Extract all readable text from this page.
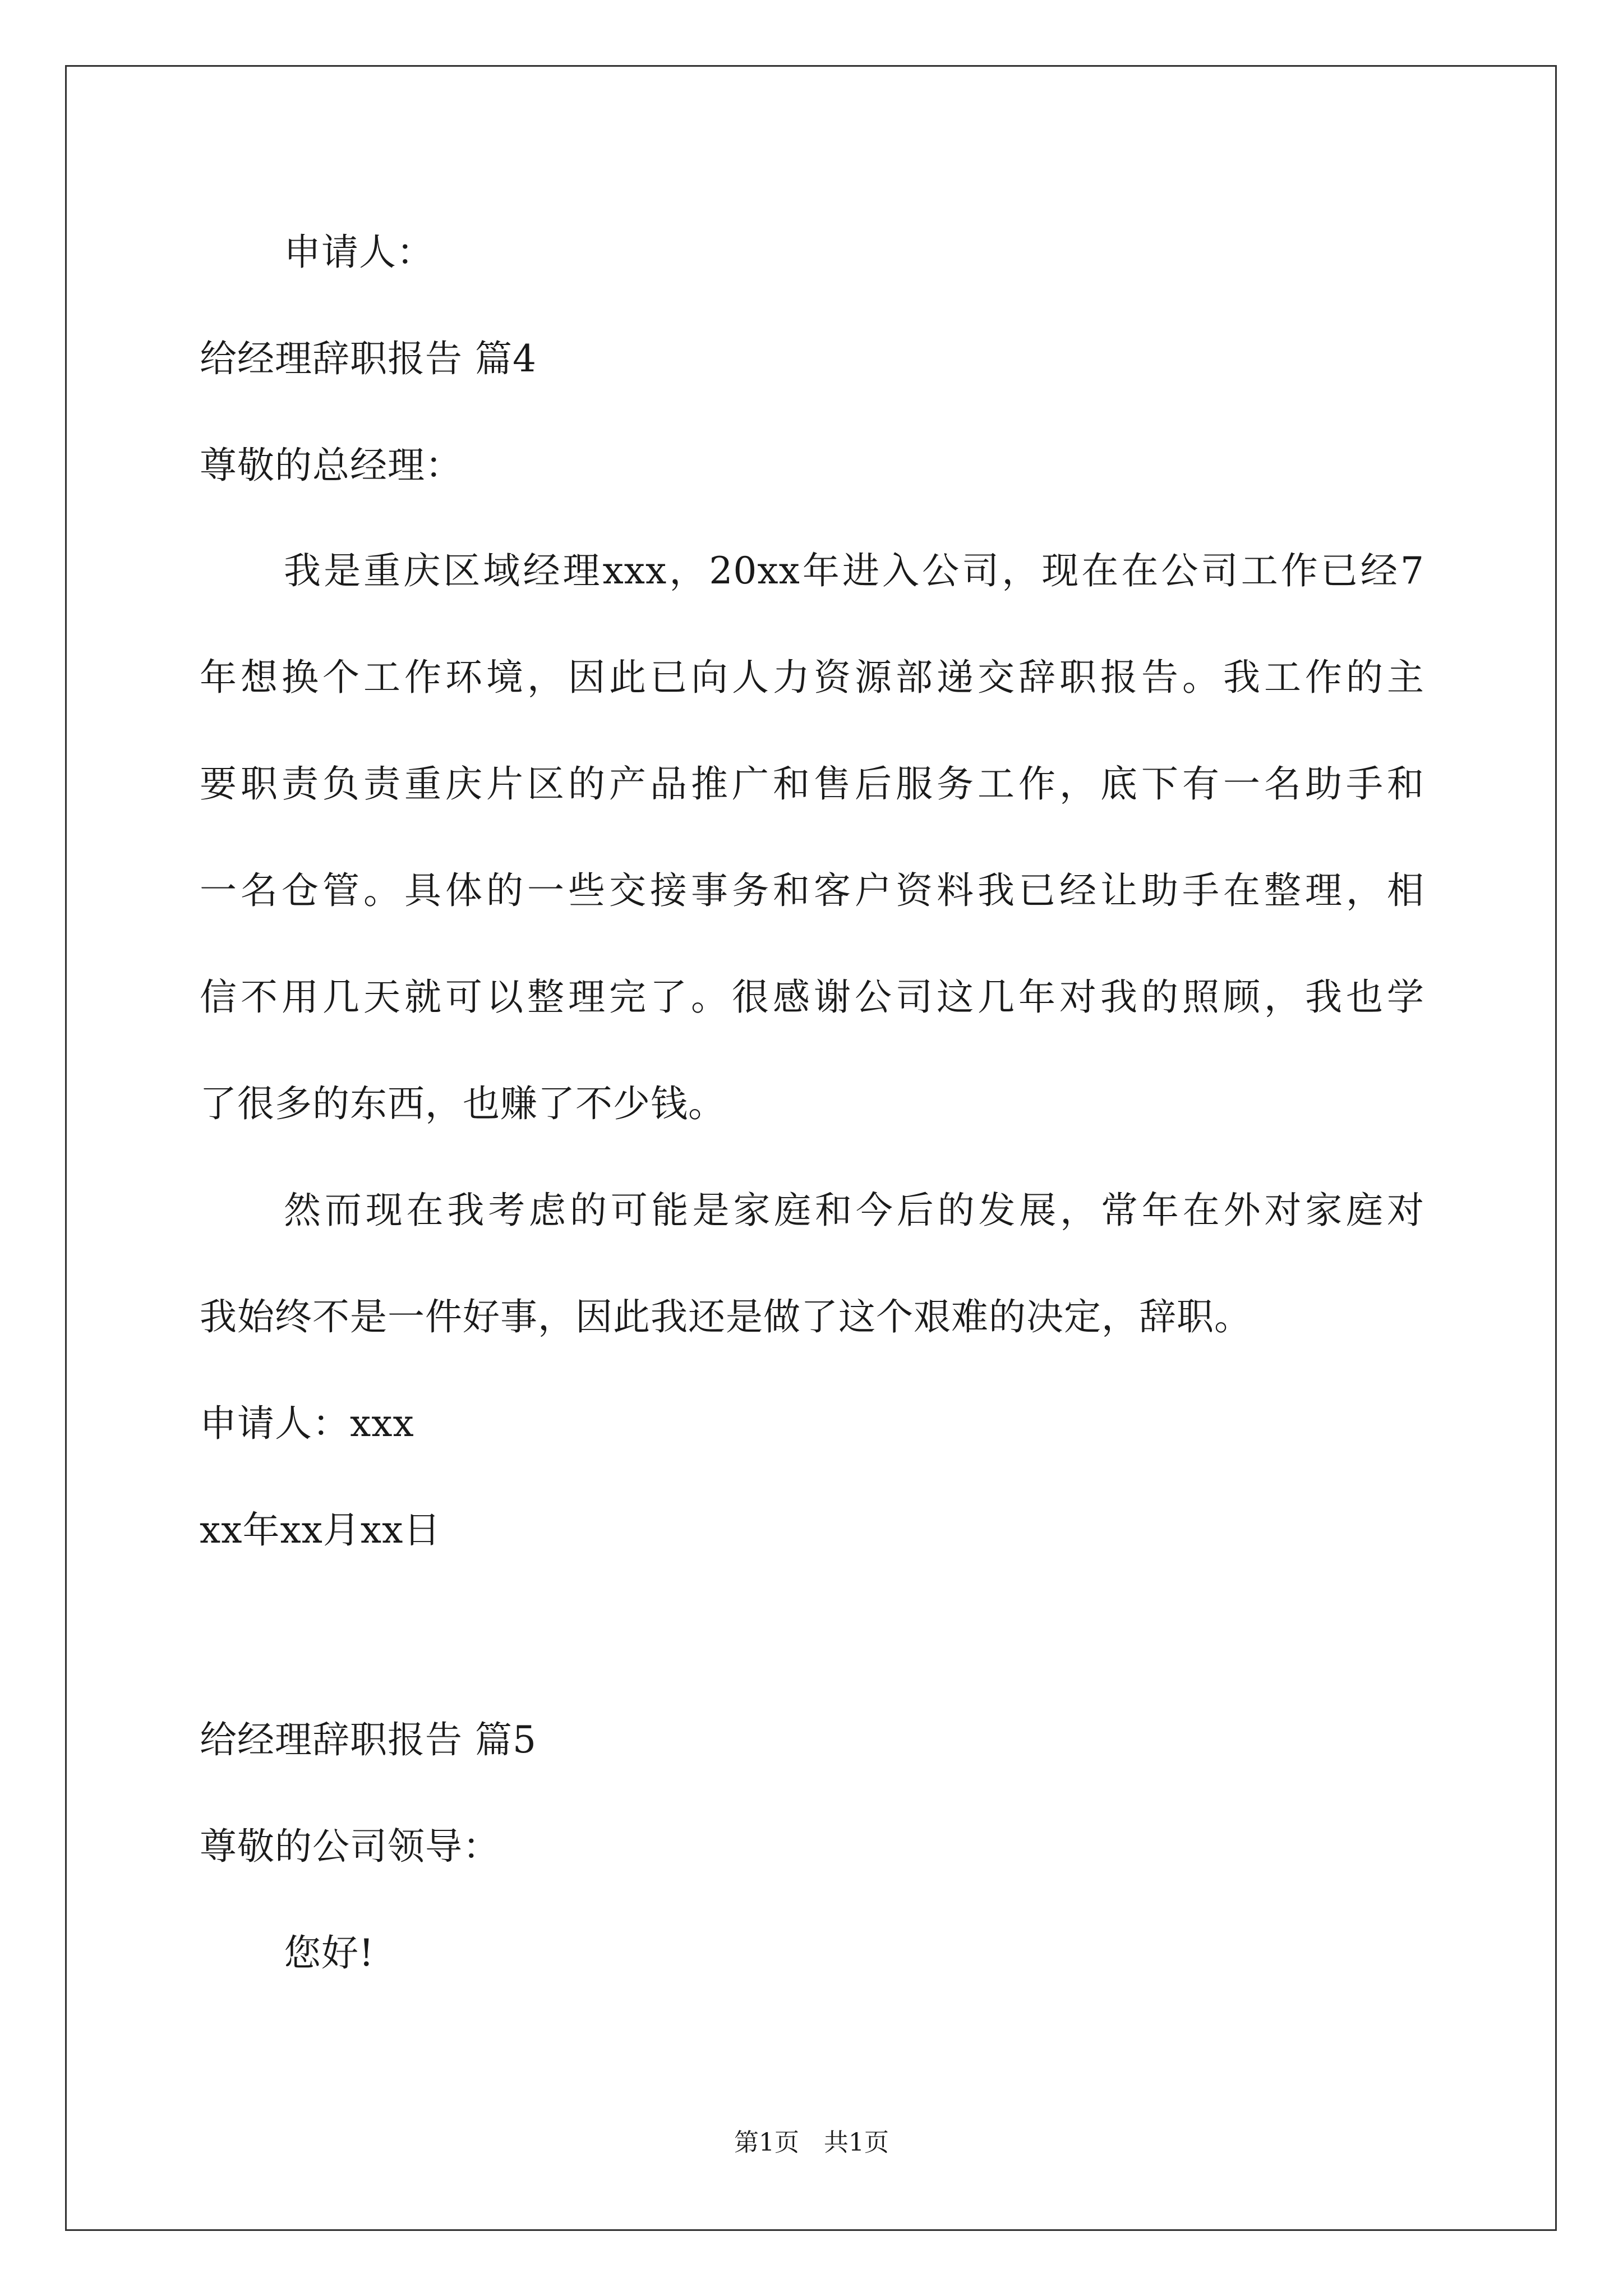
申请人：
给经理辞职报告 篇4
尊敬的总经理：
我是重庆区域经理xxx，20xx年进入公司，现在在公司工作已经7
年想换个工作环境，因此已向人力资源部递交辞职报告。我工作的主
要职责负责重庆片区的产品推广和售后服务工作，底下有一名助手和
一名仓管。具体的一些交接事务和客户资料我已经让助手在整理，相
信不用几天就可以整理完了。很感谢公司这几年对我的照顾，我也学
了很多的东西，也赚了不少钱。
然而现在我考虑的可能是家庭和今后的发展，常年在外对家庭对
我始终不是一件好事，因此我还是做了这个艰难的决定，辞职。
申请人：xxx
xx年xx月xx日
给经理辞职报告 篇5
尊敬的公司领导：
您好!
第1页　共1页
